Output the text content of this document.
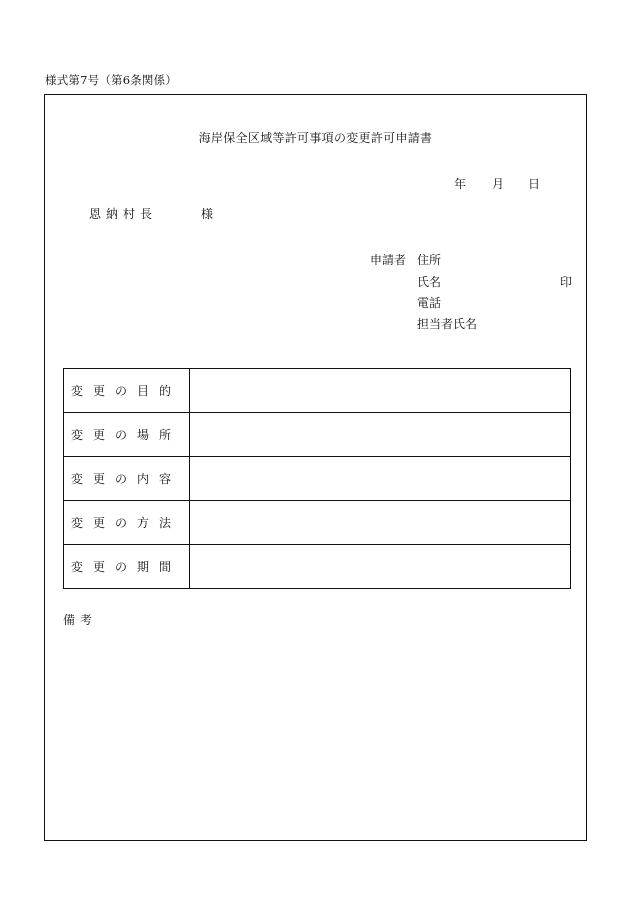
様式第7号（第6条関係）
海岸保全区域等許可事項の変更許可申請書
年 月 日
恩納村長	様
申請者 住所
氏名	印
電話
担当者氏名
変更の目的	
変更の場所	
変更の内容	
変更の方法	
変更の期間	
備考
